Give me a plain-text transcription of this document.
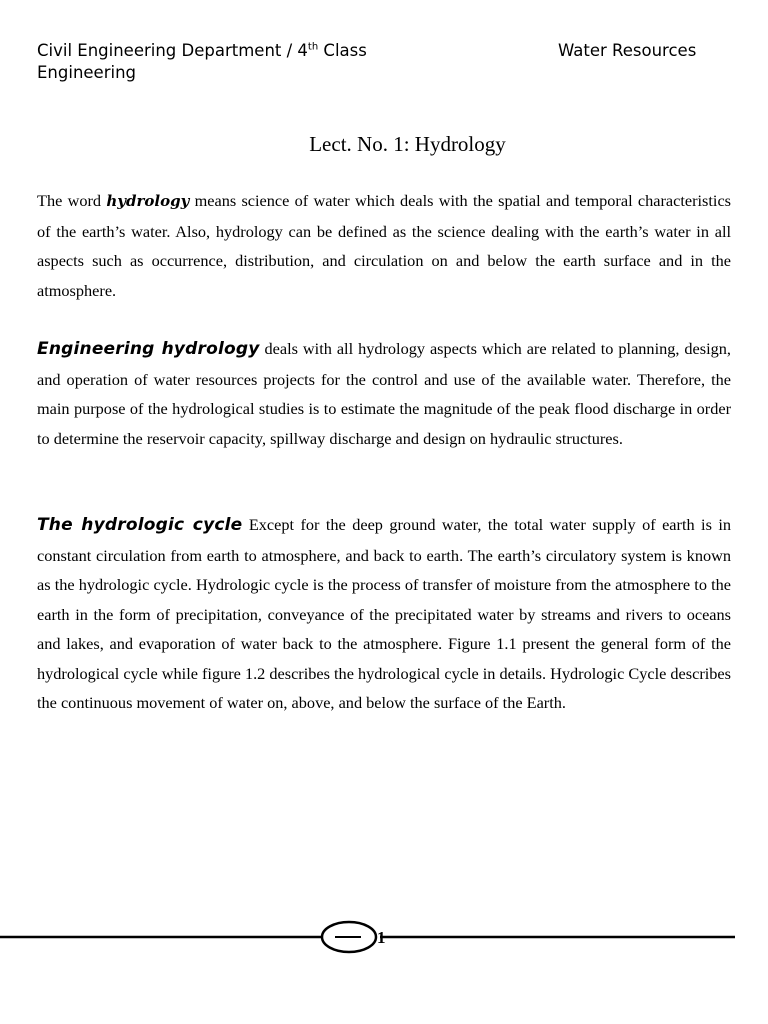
Civil Engineering Department / 4th Class	Water Resources
Engineering
Lect. No. 1: Hydrology

The word hydrology means science of water which deals with the spatial and temporal characteristics of the earth’s water. Also, hydrology can be defined as the science dealing with the earth’s water in all aspects such as occurrence, distribution, and circulation on and below the earth surface and in the atmosphere.

Engineering hydrology deals with all hydrology aspects which are related to planning, design, and operation of water resources projects for the control and use of the available water. Therefore, the main purpose of the hydrological studies is to estimate the magnitude of the peak flood discharge in order to determine the reservoir capacity, spillway discharge and design on hydraulic structures.

The hydrologic cycle Except for the deep ground water, the total water supply of earth is in constant circulation from earth to atmosphere, and back to earth. The earth’s circulatory system is known as the hydrologic cycle. Hydrologic cycle is the process of transfer of moisture from the atmosphere to the earth in the form of precipitation, conveyance of the precipitated water by streams and rivers to oceans and lakes, and evaporation of water back to the atmosphere. Figure 1.1 present the general form of the hydrological cycle while figure 1.2 describes the hydrological cycle in details. Hydrologic Cycle describes the continuous movement of water on, above, and below the surface of the Earth.

1
